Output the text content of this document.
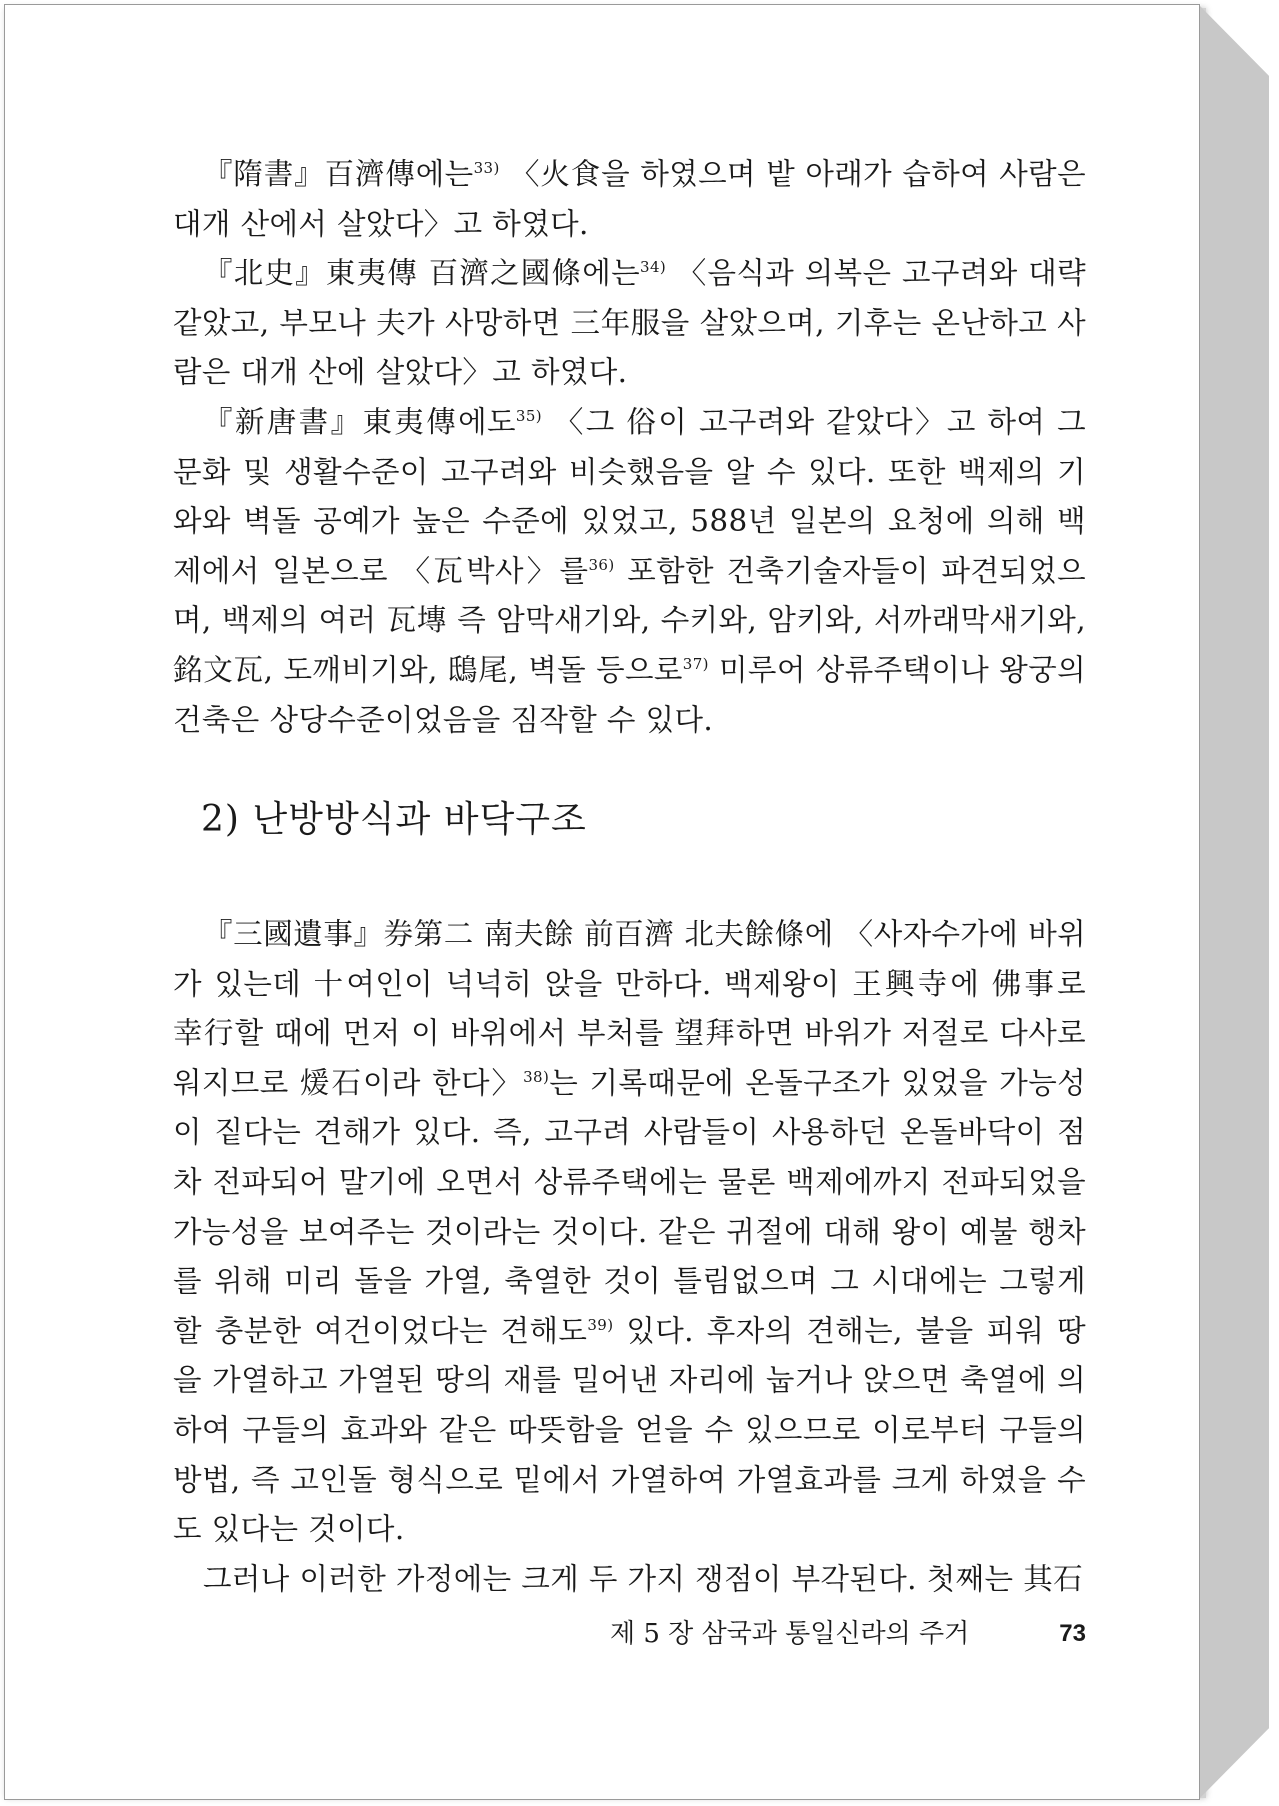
『隋書』百濟傳에는$^{33)}$ 〈火食을 하였으며 밭 아래가 습하여 사람은 대개 산에서 살았다〉고 하였다.

『北史』東夷傳 百濟之國條에는$^{34)}$ 〈음식과 의복은 고구려와 대략 같았고, 부모나 夫가 사망하면 三年服을 살았으며, 기후는 온난하고 사람은 대개 산에 살았다〉고 하였다.

『新唐書』東夷傳에도$^{35)}$ 〈그 俗이 고구려와 같았다〉고 하여 그 문화 및 생활수준이 고구려와 비슷했음을 알 수 있다. 또한 백제의 기와와 벽돌 공예가 높은 수준에 있었고, 588년 일본의 요청에 의해 백제에서 일본으로 〈瓦박사〉를$^{36)}$ 포함한 건축기술자들이 파견되었으며, 백제의 여러 瓦塼 즉 암막새기와, 수키와, 암키와, 서까래막새기와, 銘文瓦, 도깨비기와, 鴟尾, 벽돌 등으로$^{37)}$ 미루어 상류주택이나 왕궁의 건축은 상당수준이었음을 짐작할 수 있다.

2) 난방방식과 바닥구조

『三國遺事』券第二 南夫餘 前百濟 北夫餘條에 〈사자수가에 바위가 있는데 十여인이 넉넉히 앉을 만하다. 백제왕이 王興寺에 佛事로 幸行할 때에 먼저 이 바위에서 부처를 望拜하면 바위가 저절로 다사로워지므로 煖石이라 한다〉$^{38)}$는 기록때문에 온돌구조가 있었을 가능성이 짙다는 견해가 있다. 즉, 고구려 사람들이 사용하던 온돌바닥이 점차 전파되어 말기에 오면서 상류주택에는 물론 백제에까지 전파되었을 가능성을 보여주는 것이라는 것이다. 같은 귀절에 대해 왕이 예불 행차를 위해 미리 돌을 가열, 축열한 것이 틀림없으며 그 시대에는 그렇게 할 충분한 여건이었다는 견해도$^{39)}$ 있다. 후자의 견해는, 불을 피워 땅을 가열하고 가열된 땅의 재를 밀어낸 자리에 눕거나 앉으면 축열에 의하여 구들의 효과와 같은 따뜻함을 얻을 수 있으므로 이로부터 구들의 방법, 즉 고인돌 형식으로 밑에서 가열하여 가열효과를 크게 하였을 수도 있다는 것이다.

그러나 이러한 가정에는 크게 두 가지 쟁점이 부각된다. 첫째는 其石

제 5 장 삼국과 통일신라의 주거	73
